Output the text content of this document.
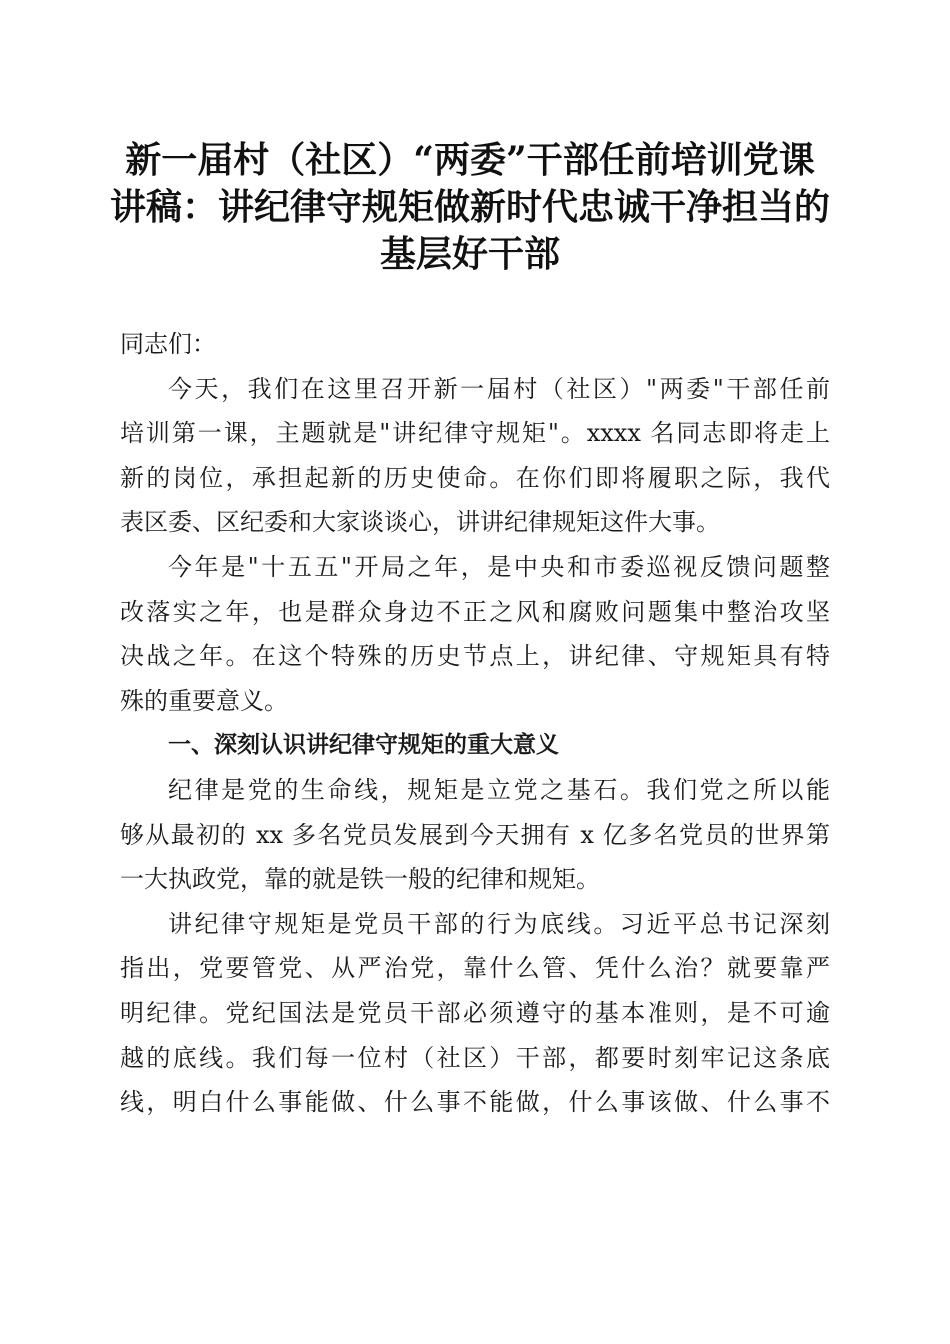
新一届村（社区）“两委”干部任前培训党课
讲稿：讲纪律守规矩做新时代忠诚干净担当的
基层好干部
同志们：
今天，我们在这里召开新一届村（社区）"两委"干部任前
培训第一课，主题就是"讲纪律守规矩"。xxxx 名同志即将走上
新的岗位，承担起新的历史使命。在你们即将履职之际，我代
表区委、区纪委和大家谈谈心，讲讲纪律规矩这件大事。
今年是"十五五"开局之年，是中央和市委巡视反馈问题整
改落实之年，也是群众身边不正之风和腐败问题集中整治攻坚
决战之年。在这个特殊的历史节点上，讲纪律、守规矩具有特
殊的重要意义。
一、深刻认识讲纪律守规矩的重大意义
纪律是党的生命线，规矩是立党之基石。我们党之所以能
够从最初的 xx 多名党员发展到今天拥有 x 亿多名党员的世界第
一大执政党，靠的就是铁一般的纪律和规矩。
讲纪律守规矩是党员干部的行为底线。习近平总书记深刻
指出，党要管党、从严治党，靠什么管、凭什么治？就要靠严
明纪律。党纪国法是党员干部必须遵守的基本准则，是不可逾
越的底线。我们每一位村（社区）干部，都要时刻牢记这条底
线，明白什么事能做、什么事不能做，什么事该做、什么事不
